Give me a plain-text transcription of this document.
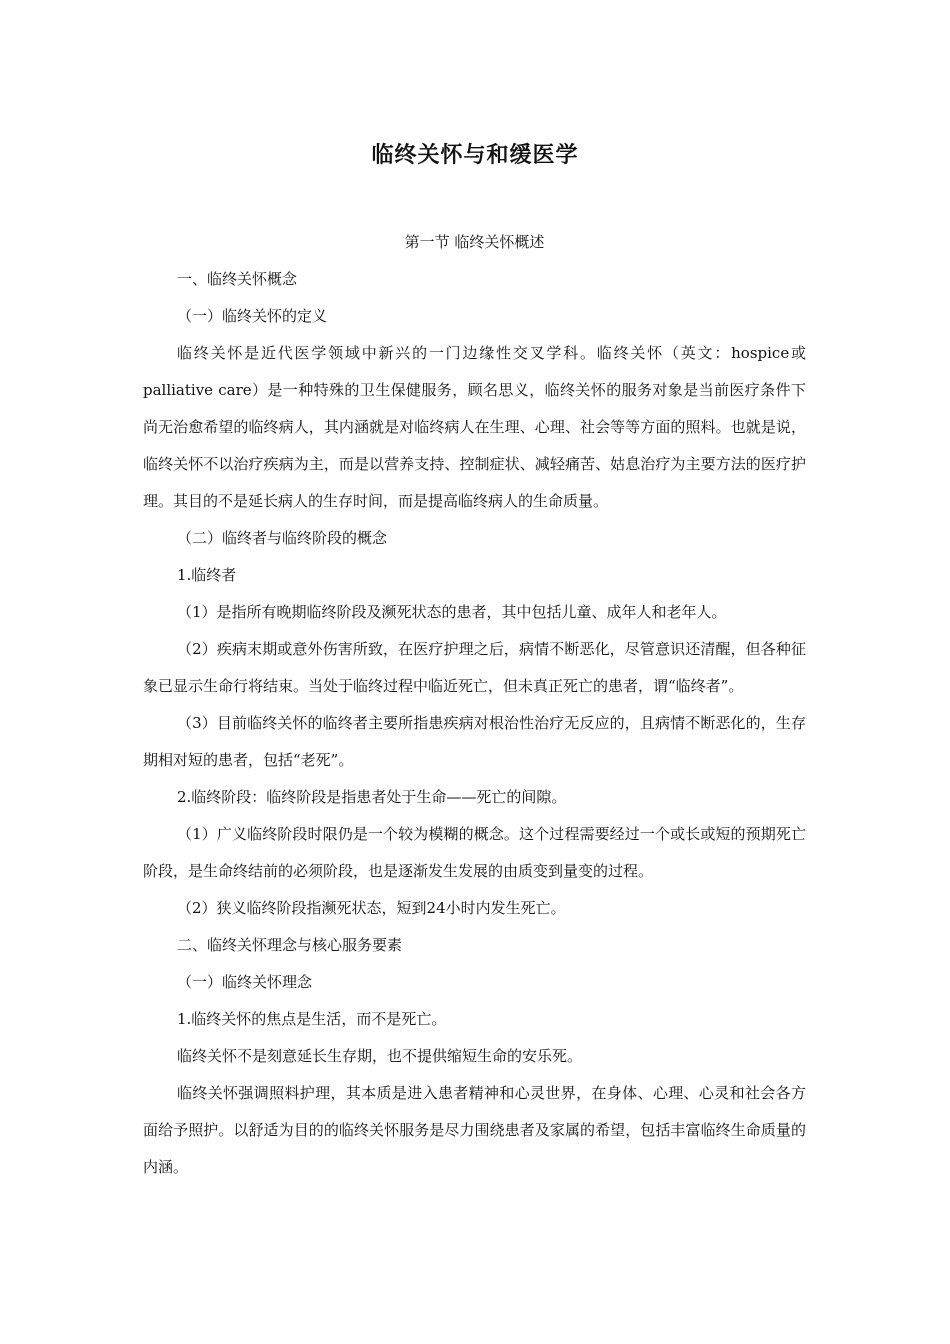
临终关怀与和缓医学

第一节 临终关怀概述

一、临终关怀概念

（一）临终关怀的定义

临终关怀是近代医学领域中新兴的一门边缘性交叉学科。临终关怀（英文：hospice或palliative care）是一种特殊的卫生保健服务，顾名思义，临终关怀的服务对象是当前医疗条件下尚无治愈希望的临终病人，其内涵就是对临终病人在生理、心理、社会等等方面的照料。也就是说，临终关怀不以治疗疾病为主，而是以营养支持、控制症状、减轻痛苦、姑息治疗为主要方法的医疗护理。其目的不是延长病人的生存时间，而是提高临终病人的生命质量。

（二）临终者与临终阶段的概念

1.临终者

（1）是指所有晚期临终阶段及濒死状态的患者，其中包括儿童、成年人和老年人。

（2）疾病末期或意外伤害所致，在医疗护理之后，病情不断恶化，尽管意识还清醒，但各种征象已显示生命行将结束。当处于临终过程中临近死亡，但未真正死亡的患者，谓“临终者”。

（3）目前临终关怀的临终者主要所指患疾病对根治性治疗无反应的，且病情不断恶化的，生存期相对短的患者，包括“老死”。

2.临终阶段：临终阶段是指患者处于生命——死亡的间隙。

（1）广义临终阶段时限仍是一个较为模糊的概念。这个过程需要经过一个或长或短的预期死亡阶段，是生命终结前的必须阶段，也是逐渐发生发展的由质变到量变的过程。

（2）狭义临终阶段指濒死状态，短到24小时内发生死亡。

二、临终关怀理念与核心服务要素

（一）临终关怀理念

1.临终关怀的焦点是生活，而不是死亡。

临终关怀不是刻意延长生存期，也不提供缩短生命的安乐死。

临终关怀强调照料护理，其本质是进入患者精神和心灵世界，在身体、心理、心灵和社会各方面给予照护。以舒适为目的的临终关怀服务是尽力围绕患者及家属的希望，包括丰富临终生命质量的内涵。
